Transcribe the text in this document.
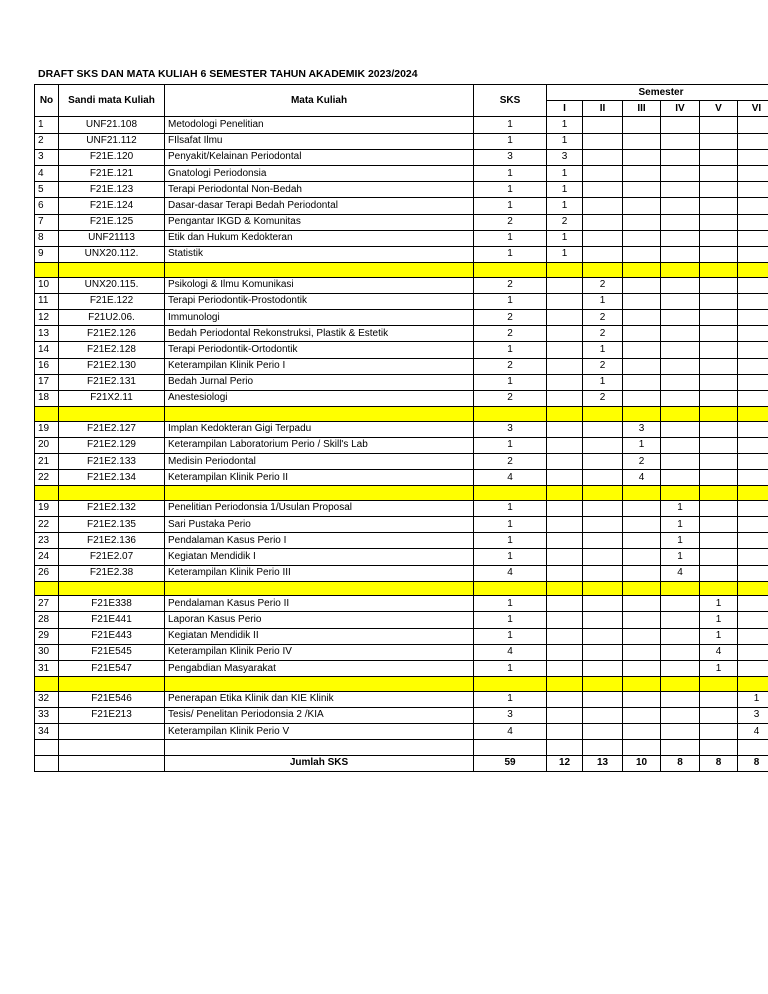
DRAFT SKS DAN MATA KULIAH 6 SEMESTER TAHUN AKADEMIK 2023/2024
No	Sandi mata Kuliah	Mata Kuliah	SKS	Semester					
				I	II	III	IV	V	VI
1	UNF21.108	Metodologi Penelitian	1	1					
2	UNF21.112	FIlsafat Ilmu	1	1					
3	F21E.120	Penyakit/Kelainan Periodontal	3	3					
4	F21E.121	Gnatologi Periodonsia	1	1					
5	F21E.123	Terapi Periodontal Non-Bedah	1	1					
6	F21E.124	Dasar-dasar Terapi Bedah Periodontal	1	1					
7	F21E.125	Pengantar IKGD & Komunitas	2	2					
8	UNF21113	Etik dan Hukum Kedokteran	1	1					
9	UNX20.112.	Statistik	1	1					

10	UNX20.115.	Psikologi & Ilmu Komunikasi	2		2				
11	F21E.122	Terapi Periodontik-Prostodontik	1		1				
12	F21U2.06.	Immunologi	2		2				
13	F21E2.126	Bedah Periodontal Rekonstruksi, Plastik & Estetik	2		2				
14	F21E2.128	Terapi Periodontik-Ortodontik	1		1				
16	F21E2.130	Keterampilan Klinik Perio I	2		2				
17	F21E2.131	Bedah Jurnal Perio	1		1				
18	F21X2.11	Anestesiologi	2		2				

19	F21E2.127	Implan Kedokteran Gigi Terpadu	3			3			
20	F21E2.129	Keterampilan Laboratorium Perio / Skill's Lab	1			1			
21	F21E2.133	Medisin Periodontal	2			2			
22	F21E2.134	Keterampilan Klinik Perio II	4			4			

19	F21E2.132	Penelitian Periodonsia 1/Usulan Proposal	1				1		
22	F21E2.135	Sari Pustaka Perio	1				1		
23	F21E2.136	Pendalaman Kasus Perio I	1				1		
24	F21E2.07	Kegiatan Mendidik I	1				1		
26	F21E2.38	Keterampilan Klinik Perio III	4				4		

27	F21E338	Pendalaman Kasus Perio II	1					1	
28	F21E441	Laporan Kasus Perio	1					1	
29	F21E443	Kegiatan Mendidik II	1					1	
30	F21E545	Keterampilan Klinik Perio IV	4					4	
31	F21E547	Pengabdian Masyarakat	1					1	

32	F21E546	Penerapan Etika Klinik dan KIE Klinik	1						1
33	F21E213	Tesis/ Penelitan Periodonsia 2 /KIA	3						3
34		Keterampilan Klinik Perio V	4						4

		Jumlah SKS	59	12	13	10	8	8	8
